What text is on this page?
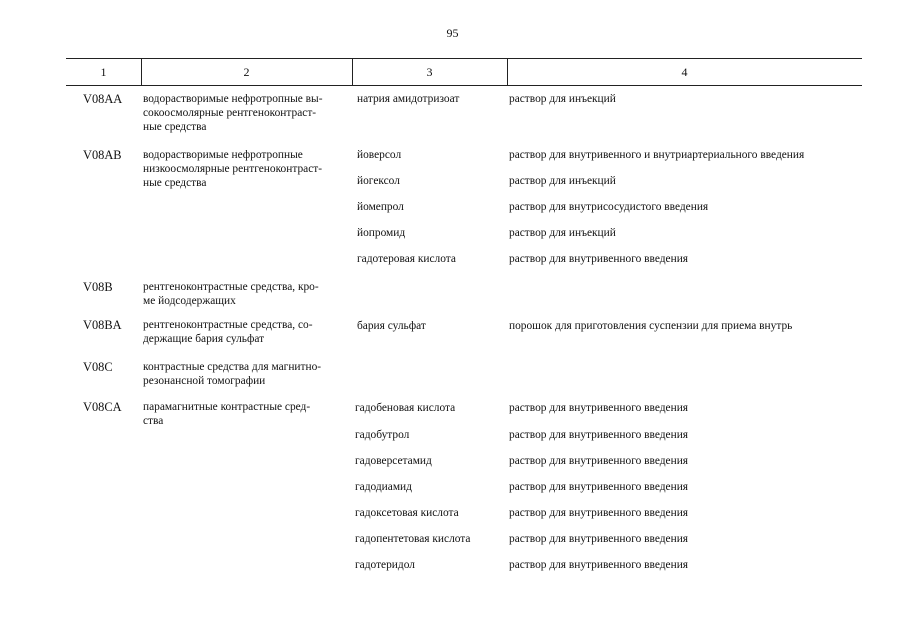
95
1	2	3	4
V08AA водорастворимые нефротропные вы-
сокоосмолярные рентгеноконтраст-
ные средства
натрия амидотризоат	раствор для инъекций
V08AB водорастворимые нефротропные
низкоосмолярные рентгеноконтраст-
ные средства
йоверсол	раствор для внутривенного и внутриартериального введения
йогексол	раствор для инъекций
йомепрол	раствор для внутрисосудистого введения
йопромид	раствор для инъекций
гадотеровая кислота	раствор для внутривенного введения
V08B	рентгеноконтрастные средства, кро-
ме йодсодержащих
V08BA рентгеноконтрастные средства, со-
держащие бария сульфат
бария сульфат	порошок для приготовления суспензии для приема внутрь
V08C	контрастные средства для магнитно-
резонансной томографии
V08CA парамагнитные контрастные сред-
ства
гадобеновая кислота	раствор для внутривенного введения
гадобутрол	раствор для внутривенного введения
гадоверсетамид	раствор для внутривенного введения
гадодиамид	раствор для внутривенного введения
гадоксетовая кислота	раствор для внутривенного введения
гадопентетовая кислота	раствор для внутривенного введения
гадотеридол	раствор для внутривенного введения
